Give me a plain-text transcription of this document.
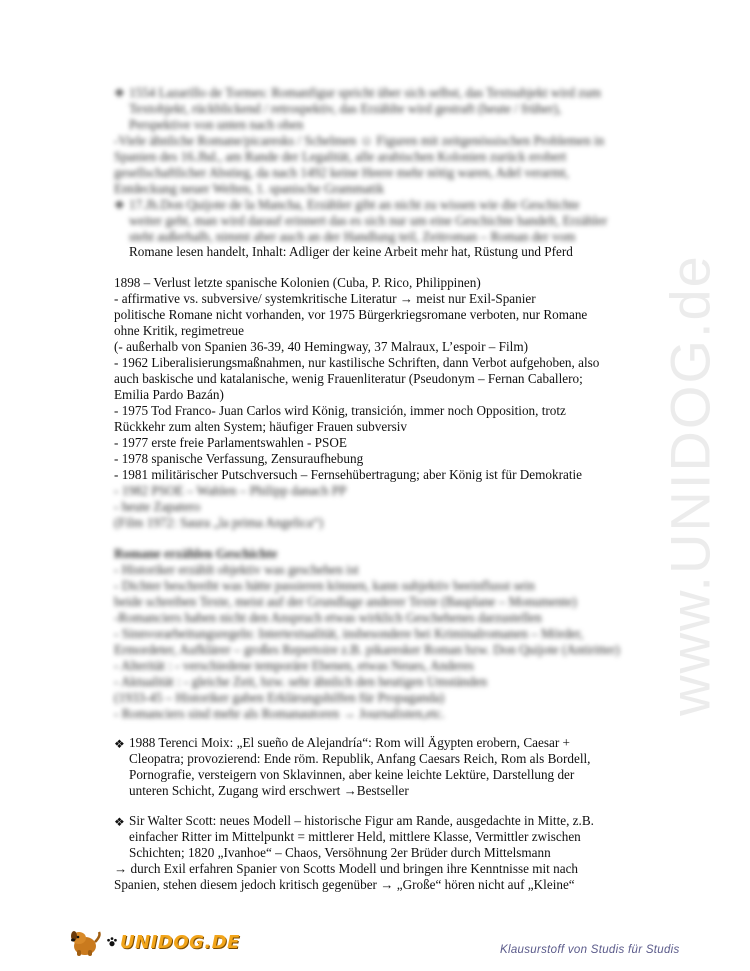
www.UNIDOG.de
❖ 1554 Lazarillo de Tormes: Romanfigur spricht über sich selbst, das Textsubjekt wird zum
Textobjekt, rückblickend / retrospektiv, das Erzählte wird gestraft (heute / früher),
Perspektive von unten nach oben
-Viele ähnliche Romane/picaresks / Schelmen ☺ Figuren mit zeitgenössischen Problemen in
Spanien des 16.Jhd., am Rande der Legalität, alle arabischen Kolonien zurück erobert
gesellschaftlicher Abstieg, da nach 1492 keine Heere mehr nötig waren, Adel verarmt,
Entdeckung neuer Welten, 1. spanische Grammatik
❖ 17.Jh.Don Quijote de la Mancha, Erzähler gibt an nicht zu wissen wie die Geschichte
weiter geht, man wird darauf erinnert das es sich nur um eine Geschichte handelt, Erzähler
steht außerhalb, nimmt aber auch an der Handlung teil, Zeitroman – Roman der vom
Romane lesen handelt, Inhalt: Adliger der keine Arbeit mehr hat, Rüstung und Pferd
1898 – Verlust letzte spanische Kolonien (Cuba, P. Rico, Philippinen)
- affirmative vs. subversive/ systemkritische Literatur → meist nur Exil-Spanier
politische Romane nicht vorhanden, vor 1975 Bürgerkriegsromane verboten, nur Romane
ohne Kritik, regimetreue
(- außerhalb von Spanien 36-39, 40 Hemingway, 37 Malraux, L’espoir – Film)
- 1962 Liberalisierungsmaßnahmen, nur kastilische Schriften, dann Verbot aufgehoben, also
auch baskische und katalanische, wenig Frauenliteratur (Pseudonym – Fernan Caballero;
Emilia Pardo Bazán)
- 1975 Tod Franco- Juan Carlos wird König, transición, immer noch Opposition, trotz
Rückkehr zum alten System; häufiger Frauen subversiv
- 1977 erste freie Parlamentswahlen - PSOE
- 1978 spanische Verfassung, Zensuraufhebung
- 1981 militärischer Putschversuch – Fernsehübertragung; aber König ist für Demokratie
- 1982 PSOE – Wahlen – Philipp danach PP
- heute Zapatero
(Film 1972: Saura „la prima Angelica“)
Romane erzählen Geschichte
- Historiker erzählt objektiv was geschehen ist
- Dichter beschreibt was hätte passieren können, kann subjektiv beeinflusst sein
beide schreiben Texte, meist auf der Grundlage anderer Texte (Bauplane – Monumente)
-Romanciers haben nicht den Anspruch etwas wirklich Geschehenes darzustellen
- Sinnvorarbeitungsregeln: Intertextualität, insbesondere bei Kriminalromanen – Mörder,
Ermordeter, Aufklärer – großes Repertoire z.B. pikaresker Roman bzw. Don Quijote (Antiritter)
- Alterität : - verschiedene temporäre Ebenen, etwas Neues, Anderes
- Aktualität : - gleiche Zeit, bzw. sehr ähnlich den heutigen Umständen
(1933-45 – Historiker gaben Erklärungshilfen für Propaganda)
- Romanciers sind mehr als Romanautoren → Journalisten,etc.
❖ 1988 Terenci Moix: „El sueño de Alejandría“: Rom will Ägypten erobern, Caesar +
Cleopatra; provozierend: Ende röm. Republik, Anfang Caesars Reich, Rom als Bordell,
Pornografie, versteigern von Sklavinnen, aber keine leichte Lektüre, Darstellung der
unteren Schicht, Zugang wird erschwert →Bestseller
❖ Sir Walter Scott: neues Modell – historische Figur am Rande, ausgedachte in Mitte, z.B.
einfacher Ritter im Mittelpunkt = mittlerer Held, mittlere Klasse, Vermittler zwischen
Schichten; 1820 „Ivanhoe“ – Chaos, Versöhnung 2er Brüder durch Mittelsmann
→ durch Exil erfahren Spanier von Scotts Modell und bringen ihre Kenntnisse mit nach
Spanien, stehen diesem jedoch kritisch gegenüber → „Große“ hören nicht auf „Kleine“
UNIDOG.DE	Klausurstoff von Studis für Studis
